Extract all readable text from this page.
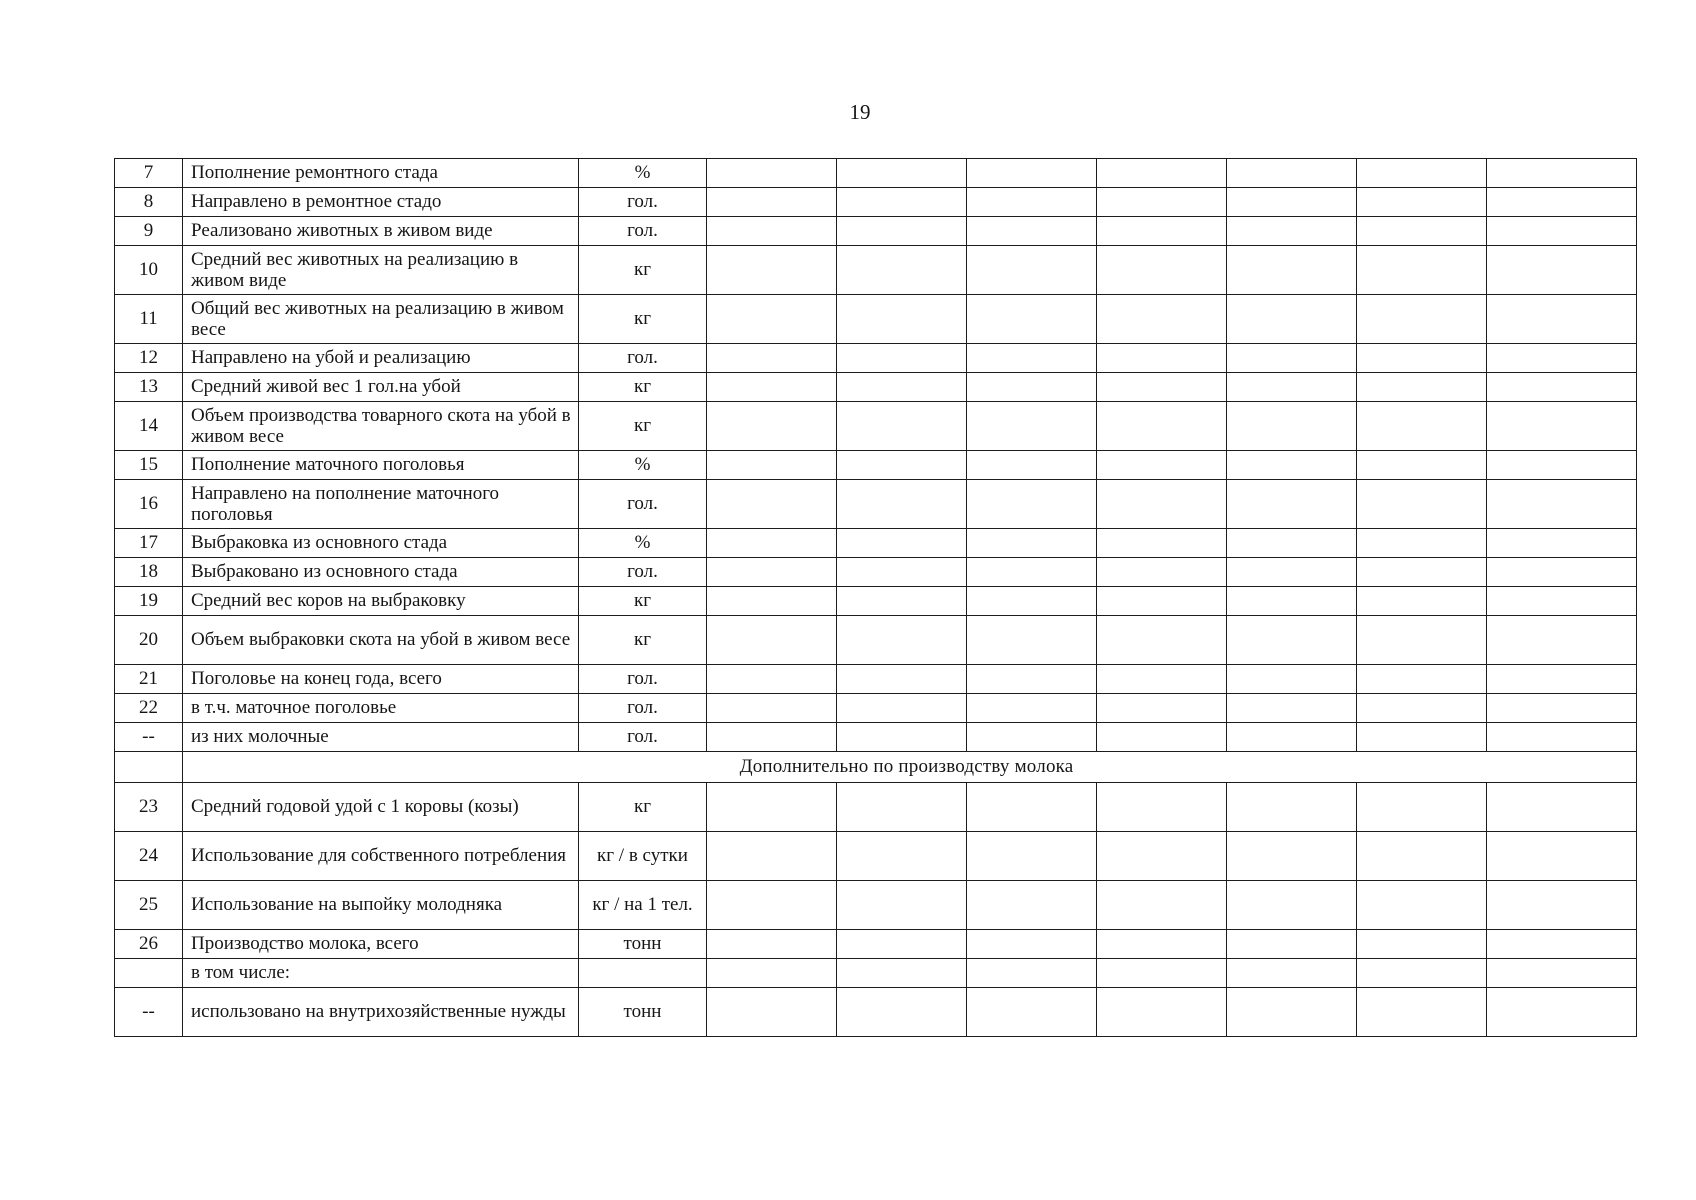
19
7	Пополнение ремонтного стада	%							
8	Направлено в ремонтное стадо	гол.							
9	Реализовано животных в живом виде	гол.							
10	Средний вес животных на реализацию в живом виде	кг							
11	Общий вес животных на реализацию в живом весе	кг							
12	Направлено на убой и реализацию	гол.							
13	Средний живой вес 1 гол.на убой	кг							
14	Объем производства товарного скота на убой в живом весе	кг							
15	Пополнение маточного поголовья	%							
16	Направлено на пополнение маточного поголовья	гол.							
17	Выбраковка из основного стада	%							
18	Выбраковано из основного стада	гол.							
19	Средний вес коров на выбраковку	кг							
20	Объем выбраковки скота на убой в живом весе	кг							
21	Поголовье на конец года, всего	гол.							
22	в т.ч. маточное поголовье	гол.							
--	из них молочные	гол.							
	Дополнительно по производству молока								
23	Средний годовой удой с 1 коровы (козы)	кг							
24	Использование для собственного потребления	кг / в сутки							
25	Использование на выпойку молодняка	кг / на 1 тел.							
26	Производство молока, всего	тонн							
	в том числе:								
--	использовано на внутрихозяйственные нужды	тонн							
